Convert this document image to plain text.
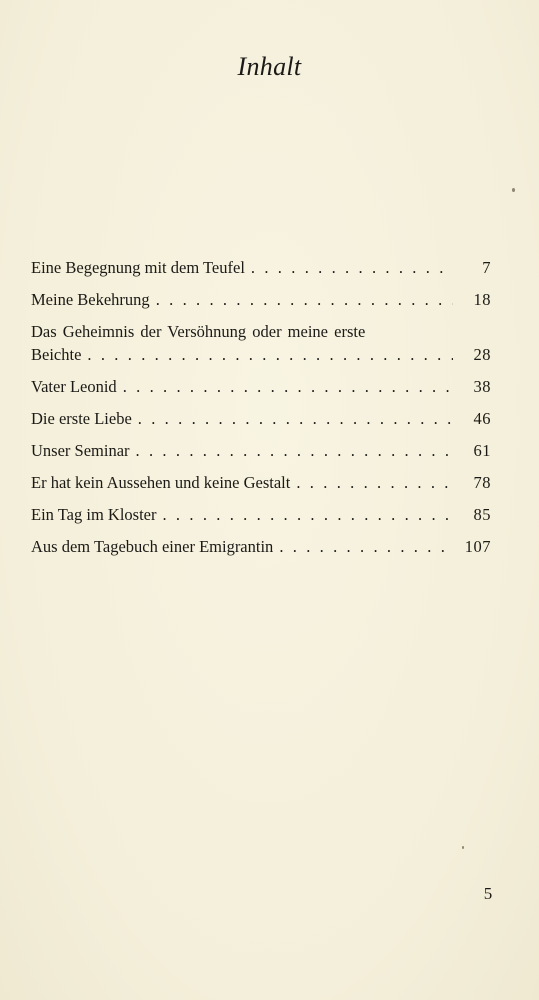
Inhalt
Eine Begegnung mit dem Teufel . . .	7
Meine Bekehrung . . .	18
Das Geheimnis der Versöhnung oder meine erste
Beichte . . .	28
Vater Leonid . . .	38
Die erste Liebe . . .	46
Unser Seminar . . .	61
Er hat kein Aussehen und keine Gestalt . . .	78
Ein Tag im Kloster . . .	85
Aus dem Tagebuch einer Emigrantin . . .	107
5
